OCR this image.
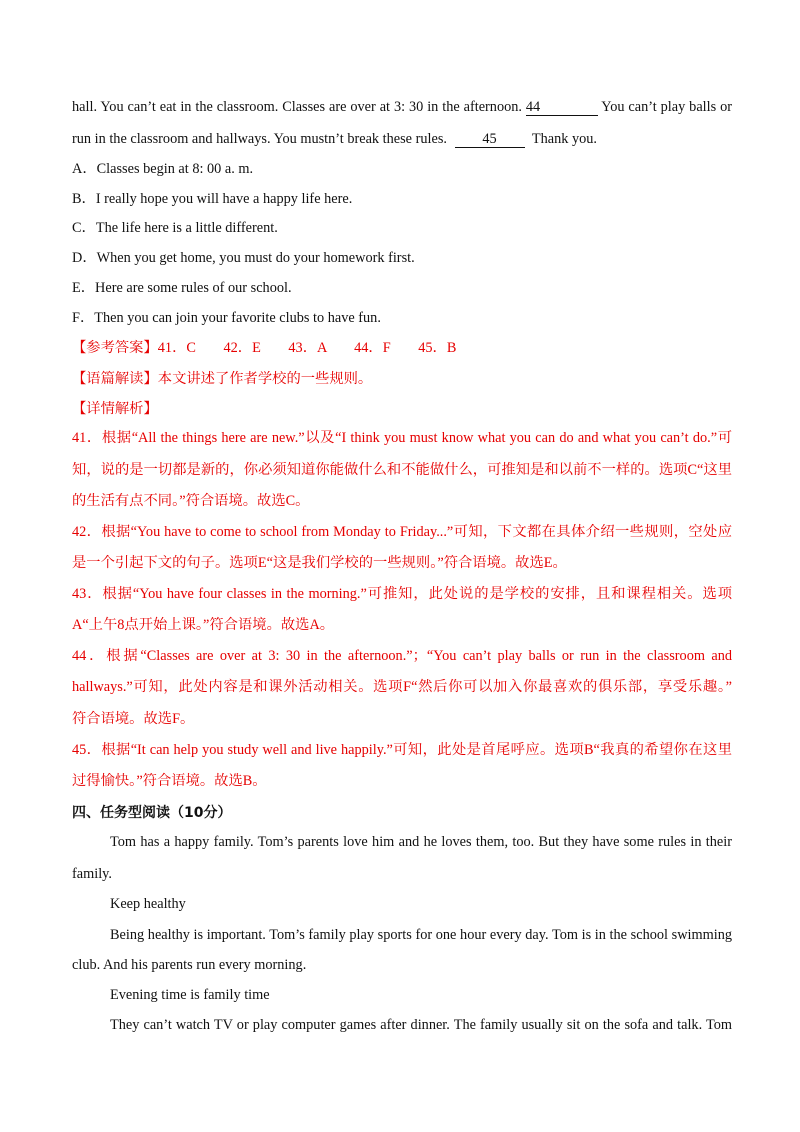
hall. You can’t eat in the classroom. Classes are over at 3: 30 in the afternoon. 44	You can’t play balls or
run in the classroom and hallways. You mustn’t break these rules. 45 Thank you.
A．Classes begin at 8: 00 a. m.
B．I really hope you will have a happy life here.
C．The life here is a little different.
D．When you get home, you must do your homework first.
E．Here are some rules of our school.
F．Then you can join your favorite clubs to have fun.
【参考答案】41．C 42．E 43．A 44．F 45．B
【语篇解读】本文讲述了作者学校的一些规则。
【详情解析】
41．根据“All the things here are new.”以及“I think you must know what you can do and what you can’t do.”可
知，说的是一切都是新的，你必须知道你能做什么和不能做什么，可推知是和以前不一样的。选项C“这里
的生活有点不同。”符合语境。故选C。
42．根据“You have to come to school from Monday to Friday...”可知，下文都在具体介绍一些规则，空处应
是一个引起下文的句子。选项E“这是我们学校的一些规则。”符合语境。故选E。
43．根据“You have four classes in the morning.”可推知，此处说的是学校的安排，且和课程相关。选项
A“上午8点开始上课。”符合语境。故选A。
44．根据“Classes are over at 3: 30 in the afternoon.”；“You can’t play balls or run in the classroom and
hallways.”可知，此处内容是和课外活动相关。选项F“然后你可以加入你最喜欢的俱乐部，享受乐趣。”
符合语境。故选F。
45．根据“It can help you study well and live happily.”可知，此处是首尾呼应。选项B“我真的希望你在这里
过得愉快。”符合语境。故选B。
四、任务型阅读（10分）
Tom has a happy family. Tom’s parents love him and he loves them, too. But they have some rules in their
family.
Keep healthy
Being healthy is important. Tom’s family play sports for one hour every day. Tom is in the school swimming
club. And his parents run every morning.
Evening time is family time
They can’t watch TV or play computer games after dinner. The family usually sit on the sofa and talk. Tom
